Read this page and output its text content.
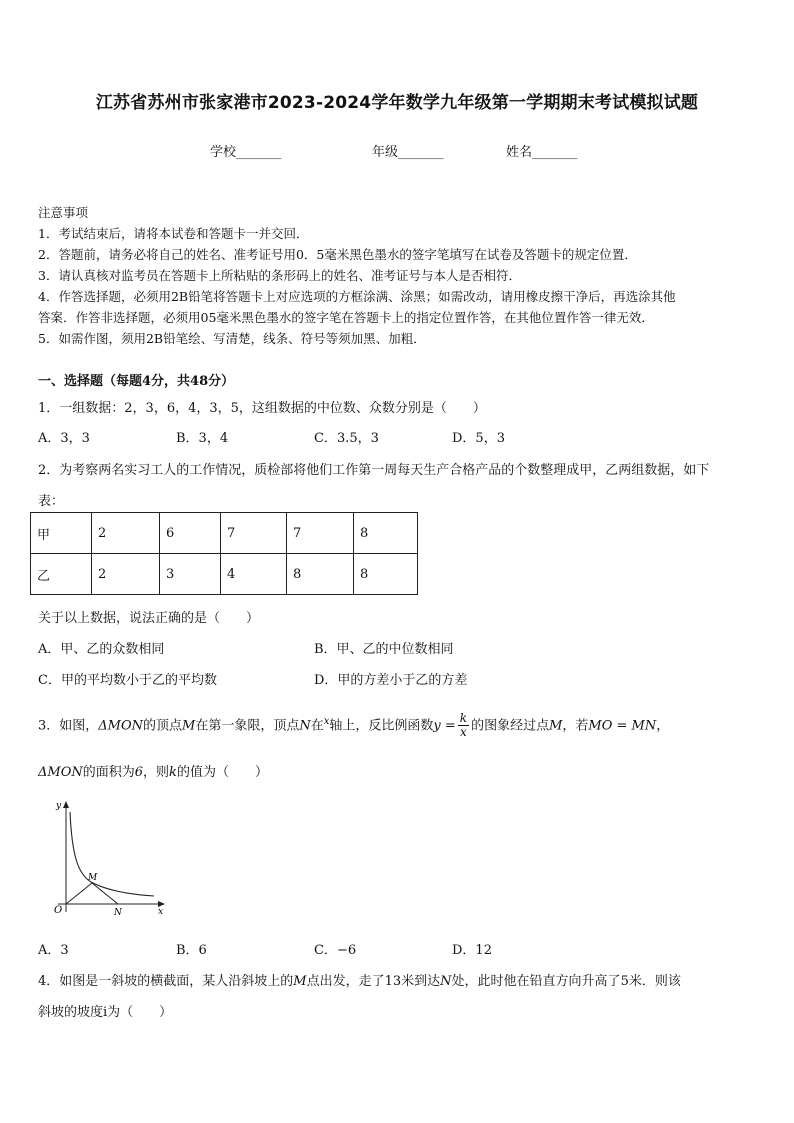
江苏省苏州市张家港市2023-2024学年数学九年级第一学期期末考试模拟试题
学校_______	年级_______	姓名_______
注意事项
1．考试结束后，请将本试卷和答题卡一并交回．
2．答题前，请务必将自己的姓名、准考证号用0．5毫米黑色墨水的签字笔填写在试卷及答题卡的规定位置．
3．请认真核对监考员在答题卡上所粘贴的条形码上的姓名、准考证号与本人是否相符．
4．作答选择题，必须用2B铅笔将答题卡上对应选项的方框涂满、涂黑；如需改动，请用橡皮擦干净后，再选涂其他
答案．作答非选择题，必须用05毫米黑色墨水的签字笔在答题卡上的指定位置作答，在其他位置作答一律无效．
5．如需作图，须用2B铅笔绘、写清楚，线条、符号等须加黑、加粗．
一、选择题（每题4分，共48分）
1．一组数据：2，3，6，4，3，5，这组数据的中位数、众数分别是（　　）
A．3，3	B．3，4	C．3.5，3	D．5，3
2．为考察两名实习工人的工作情况，质检部将他们工作第一周每天生产合格产品的个数整理成甲，乙两组数据，如下
表：
甲	2	6	7	7	8
乙	2	3	4	8	8
关于以上数据，说法正确的是（　　）
A．甲、乙的众数相同	B．甲、乙的中位数相同
C．甲的平均数小于乙的平均数	D．甲的方差小于乙的方差
3．如图，ΔMON的顶点M在第一象限，顶点N在$^x$轴上，反比例函数$y = \frac{k}{x}$ 的图象经过点M，若MO = MN，
ΔMON的面积为6，则k的值为（　　）
y
x
O
M
N
A．3	B．6	C．−6	D．12
4．如图是一斜坡的横截面，某人沿斜坡上的M点出发，走了13米到达N处，此时他在铅直方向升高了5米．则该
斜坡的坡度i为（　　）
